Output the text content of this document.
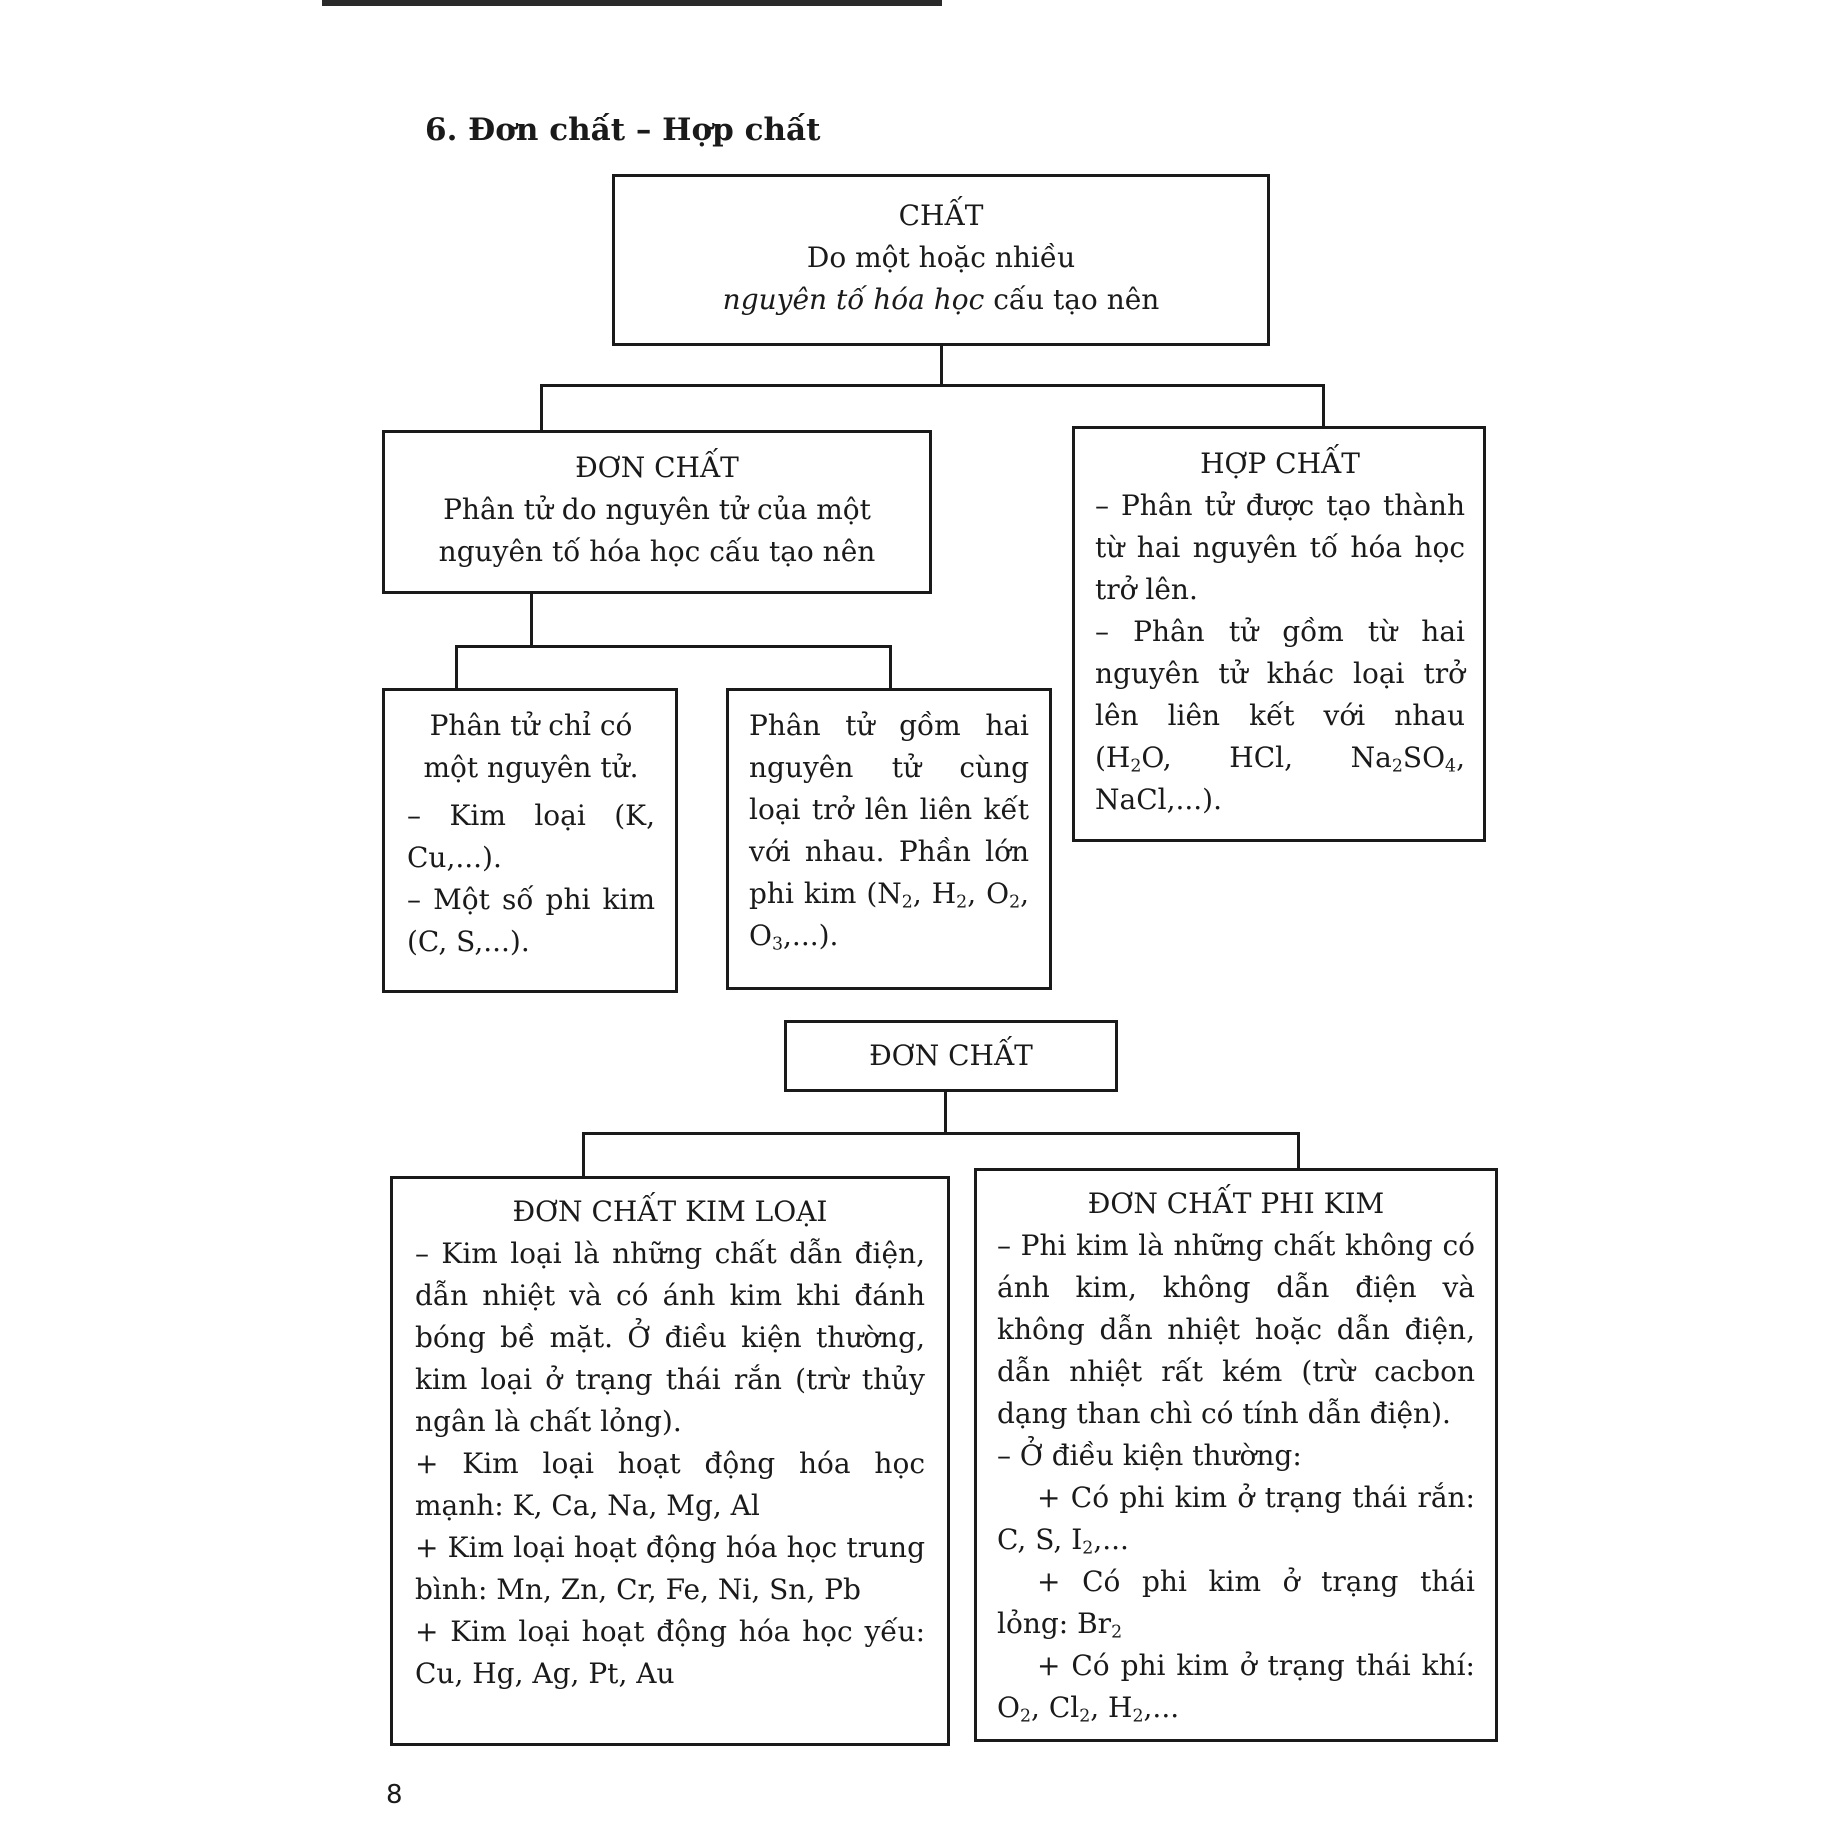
6. Đơn chất – Hợp chất

CHẤT

Do một hoặc nhiều

nguyên tố hóa học cấu tạo nên

ĐƠN CHẤT

Phân tử do nguyên tử của một nguyên tố hóa học cấu tạo nên

HỢP CHẤT

– Phân tử được tạo thành từ hai nguyên tố hóa học trở lên.

– Phân tử gồm từ hai nguyên tử khác loại trở lên liên kết với nhau ($H_2O$, HCl, $Na_2SO_4$, NaCl,...).

Phân tử chỉ có
một nguyên tử.

– Kim loại (K, Cu,...).

– Một số phi kim (C, S,...).

Phân tử gồm hai nguyên tử cùng loại trở lên liên kết với nhau. Phần lớn phi kim ($N_2$, $H_2$, $O_2$, $O_3$,...).

ĐƠN CHẤT

ĐƠN CHẤT KIM LOẠI

– Kim loại là những chất dẫn điện, dẫn nhiệt và có ánh kim khi đánh bóng bề mặt. Ở điều kiện thường, kim loại ở trạng thái rắn (trừ thủy ngân là chất lỏng).

+ Kim loại hoạt động hóa học mạnh: K, Ca, Na, Mg, Al

+ Kim loại hoạt động hóa học trung bình: Mn, Zn, Cr, Fe, Ni, Sn, Pb

+ Kim loại hoạt động hóa học yếu: Cu, Hg, Ag, Pt, Au

ĐƠN CHẤT PHI KIM

– Phi kim là những chất không có ánh kim, không dẫn điện và không dẫn nhiệt hoặc dẫn điện, dẫn nhiệt rất kém (trừ cacbon dạng than chì có tính dẫn điện).

– Ở điều kiện thường:

+ Có phi kim ở trạng thái rắn: C, S, $I_2$,...

+ Có phi kim ở trạng thái lỏng: $Br_2$

+ Có phi kim ở trạng thái khí: $O_2$, $Cl_2$, $H_2$,...

8
